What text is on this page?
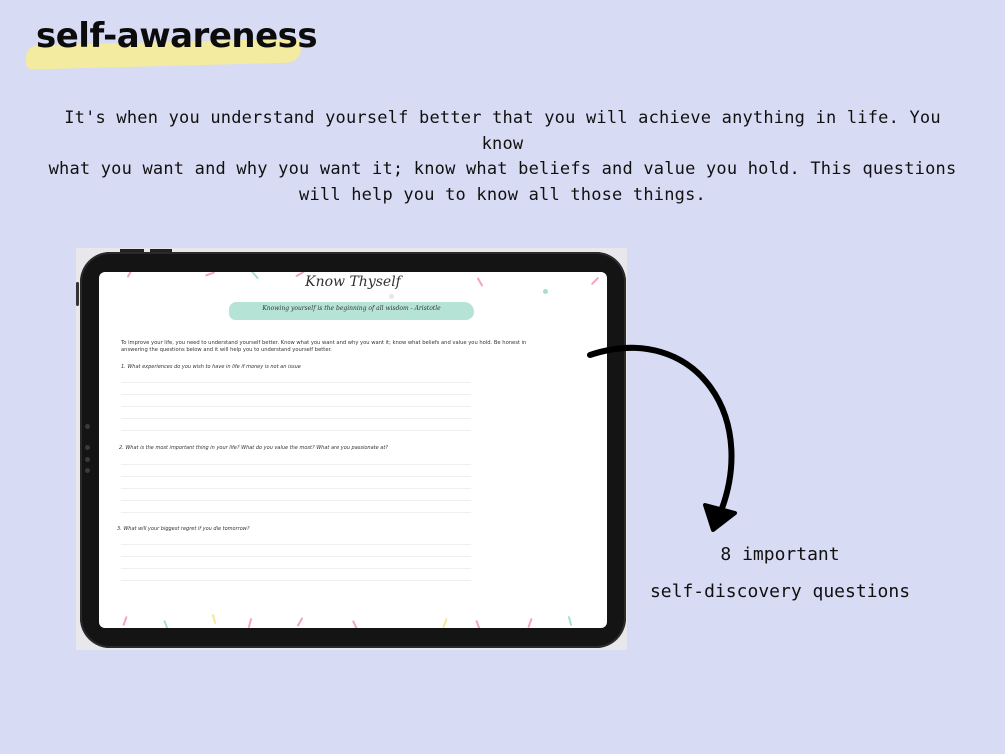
self-awareness

It's when you understand yourself better that you will achieve anything in life. You know
what you want and why you want it; know what beliefs and value you hold. This questions
will help you to know all those things.

Know Thyself
Knowing yourself is the beginning of all wisdom - Aristotle

To improve your life, you need to understand yourself better. Know what you want and why you want it; know what beliefs and value you hold. Be honest in answering the questions below and it will help you to understand yourself better.

1. What experiences do you wish to have in life if money is not an issue
2. What is the most important thing in your life? What do you value the most? What are you passionate at?
3. What will your biggest regret if you die tomorrow?
8 important
self-discovery questions
